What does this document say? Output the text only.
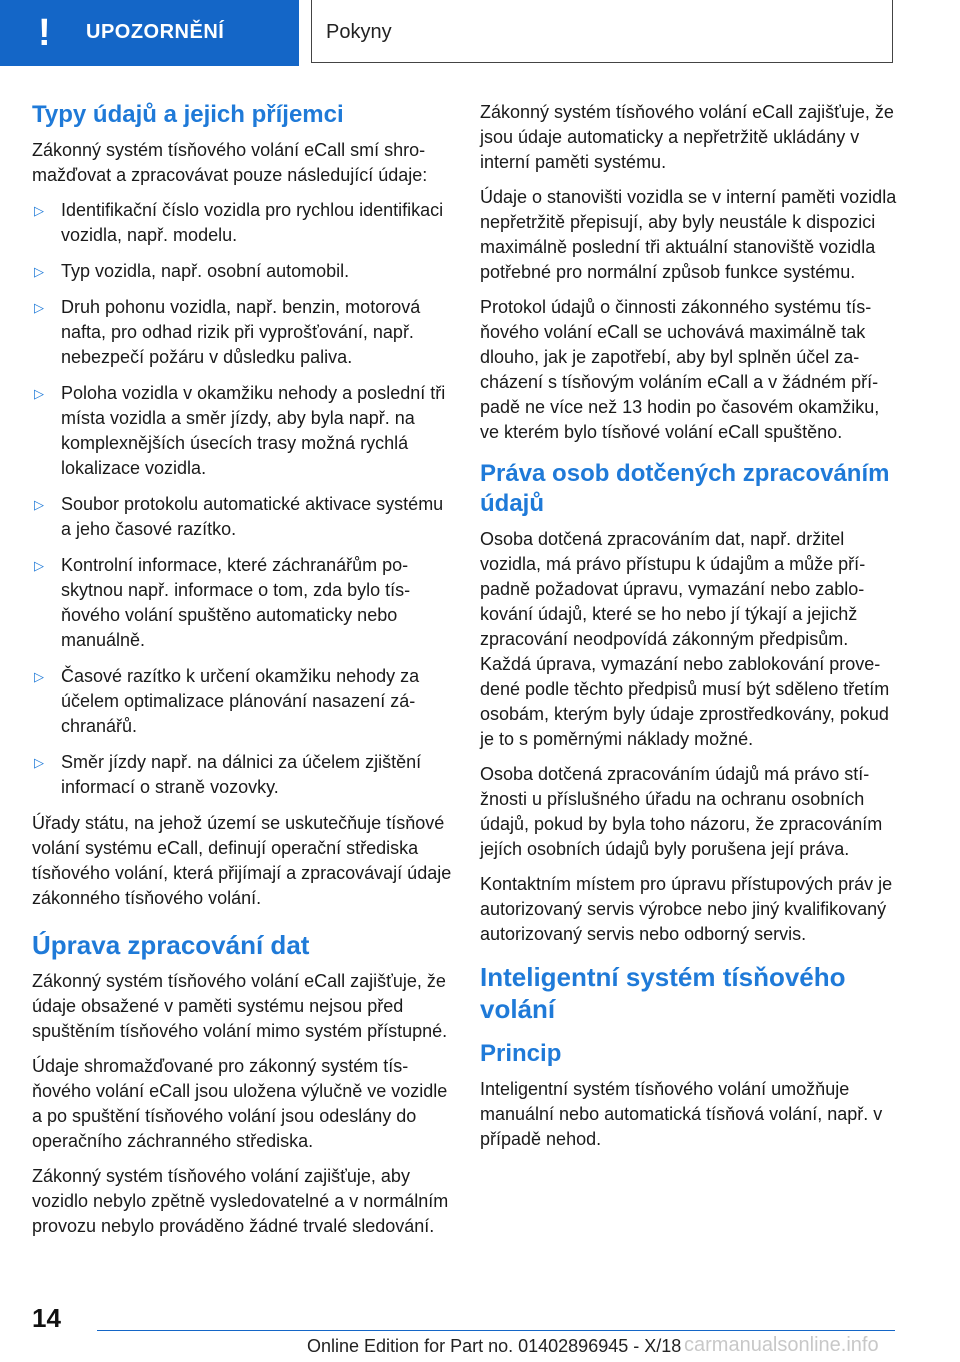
! UPOZORNĚNÍ	Pokyny
Typy údajů a jejich příjemci

Zákonný systém tísňového volání eCall smí shromažďovat a zpracovávat pouze následující údaje:

▷ Identifikační číslo vozidla pro rychlou identifikaci vozidla, např. modelu.
▷ Typ vozidla, např. osobní automobil.
▷ Druh pohonu vozidla, např. benzin, motorová nafta, pro odhad rizik při vyprošťování, např. nebezpečí požáru v důsledku paliva.
▷ Poloha vozidla v okamžiku nehody a poslední tři místa vozidla a směr jízdy, aby byla např. na komplexnějších úsecích trasy možná rychlá lokalizace vozidla.
▷ Soubor protokolu automatické aktivace systému a jeho časové razítko.
▷ Kontrolní informace, které záchranářům poskytnou např. informace o tom, zda bylo tísňového volání spuštěno automaticky nebo manuálně.
▷ Časové razítko k určení okamžiku nehody za účelem optimalizace plánování nasazení záchranářů.
▷ Směr jízdy např. na dálnici za účelem zjištění informací o straně vozovky.

Úřady státu, na jehož území se uskutečňuje tísňové volání systému eCall, definují operační střediska tísňového volání, která přijímají a zpracovávají údaje zákonného tísňového volání.

Úprava zpracování dat

Zákonný systém tísňového volání eCall zajišťuje, že údaje obsažené v paměti systému nejsou před spuštěním tísňového volání mimo systém přístupné.

Údaje shromažďované pro zákonný systém tísňového volání eCall jsou uložena výlučně ve vozidle a po spuštění tísňového volání jsou odeslány do operačního záchranného střediska.

Zákonný systém tísňového volání zajišťuje, aby vozidlo nebylo zpětně vysledovatelné a v normálním provozu nebylo prováděno žádné trvalé sledování.

Zákonný systém tísňového volání eCall zajišťuje, že jsou údaje automaticky a nepřetržitě ukládány v interní paměti systému.

Údaje o stanovišti vozidla se v interní paměti vozidla nepřetržitě přepisují, aby byly neustále k dispozici maximálně poslední tři aktuální stanoviště vozidla potřebné pro normální způsob funkce systému.

Protokol údajů o činnosti zákonného systému tísňového volání eCall se uchovává maximálně tak dlouho, jak je zapotřebí, aby byl splněn účel zacházení s tísňovým voláním eCall a v žádném případě ne více než 13 hodin po časovém okamžiku, ve kterém bylo tísňové volání eCall spuštěno.

Práva osob dotčených zpracováním údajů

Osoba dotčená zpracováním dat, např. držitel vozidla, má právo přístupu k údajům a může případně požadovat úpravu, vymazání nebo zablokování údajů, které se ho nebo jí týkají a jejichž zpracování neodpovídá zákonným předpisům. Každá úprava, vymazání nebo zablokování provedené podle těchto předpisů musí být sděleno třetím osobám, kterým byly údaje zprostředkovány, pokud je to s poměrnými náklady možné.

Osoba dotčená zpracováním údajů má právo stížnosti u příslušného úřadu na ochranu osobních údajů, pokud by byla toho názoru, že zpracováním jejích osobních údajů byly porušena její práva.

Kontaktním místem pro úpravu přístupových práv je autorizovaný servis výrobce nebo jiný kvalifikovaný autorizovaný servis nebo odborný servis.

Inteligentní systém tísňového volání
Princip

Inteligentní systém tísňového volání umožňuje manuální nebo automatická tísňová volání, např. v případě nehod.

14
Online Edition for Part no. 01402896945 - X/18 carmanualsonline.info
